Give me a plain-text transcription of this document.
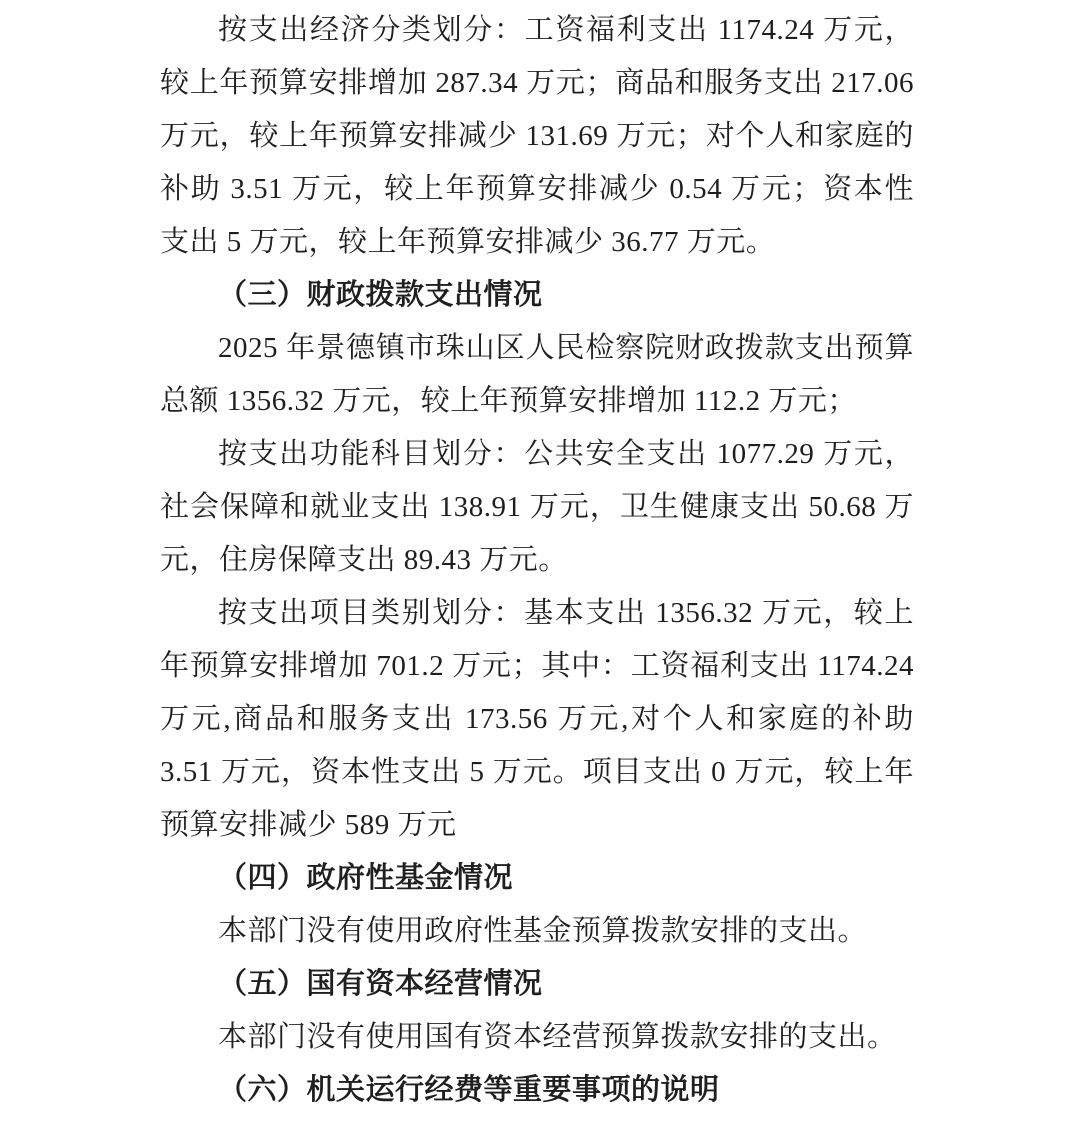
按支出经济分类划分：工资福利支出 1174.24 万元，较上年预算安排增加 287.34 万元；商品和服务支出 217.06 万元，较上年预算安排减少 131.69 万元；对个人和家庭的补助 3.51 万元，较上年预算安排减少 0.54 万元；资本性支出 5 万元，较上年预算安排减少 36.77 万元。

（三）财政拨款支出情况

2025 年景德镇市珠山区人民检察院财政拨款支出预算总额 1356.32 万元，较上年预算安排增加 112.2 万元；

按支出功能科目划分：公共安全支出 1077.29 万元，社会保障和就业支出 138.91 万元，卫生健康支出 50.68 万元，住房保障支出 89.43 万元。

按支出项目类别划分：基本支出 1356.32 万元，较上年预算安排增加 701.2 万元；其中：工资福利支出 1174.24 万元,商品和服务支出 173.56 万元,对个人和家庭的补助 3.51 万元，资本性支出 5 万元。项目支出 0 万元，较上年预算安排减少 589 万元

（四）政府性基金情况

本部门没有使用政府性基金预算拨款安排的支出。

（五）国有资本经营情况

本部门没有使用国有资本经营预算拨款安排的支出。

（六）机关运行经费等重要事项的说明
